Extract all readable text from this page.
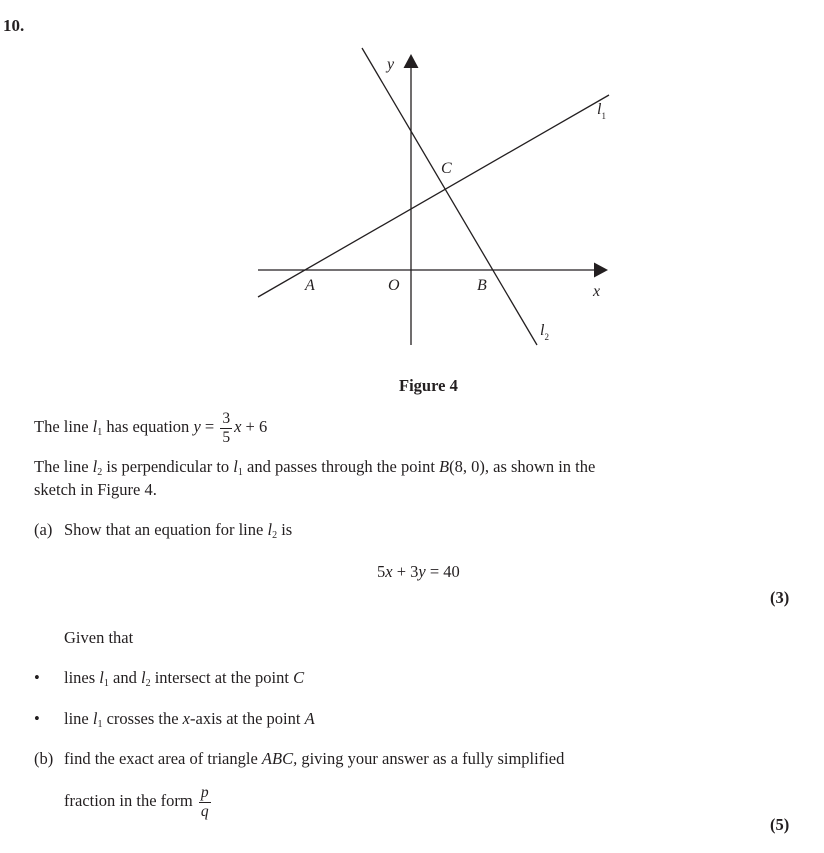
10.
y
x
O
A	B
C
$l_1$
$l_2$
Figure 4
The line $l_1$ has equation $y = \frac{3}{5}$ x + 6
The line $l_2$ is perpendicular to $l_1$ and passes through the point B(8, 0), as shown in the
sketch in Figure 4.
(a) Show that an equation for line $l_2$ is
5x + 3y = 40
(3)
Given that
• lines $l_1$ and $l_2$ intersect at the point C
• line $l_1$ crosses the x-axis at the point A
(b) find the exact area of triangle ABC, giving your answer as a fully simplified
fraction in the form $\frac{p}{q}$
(5)
